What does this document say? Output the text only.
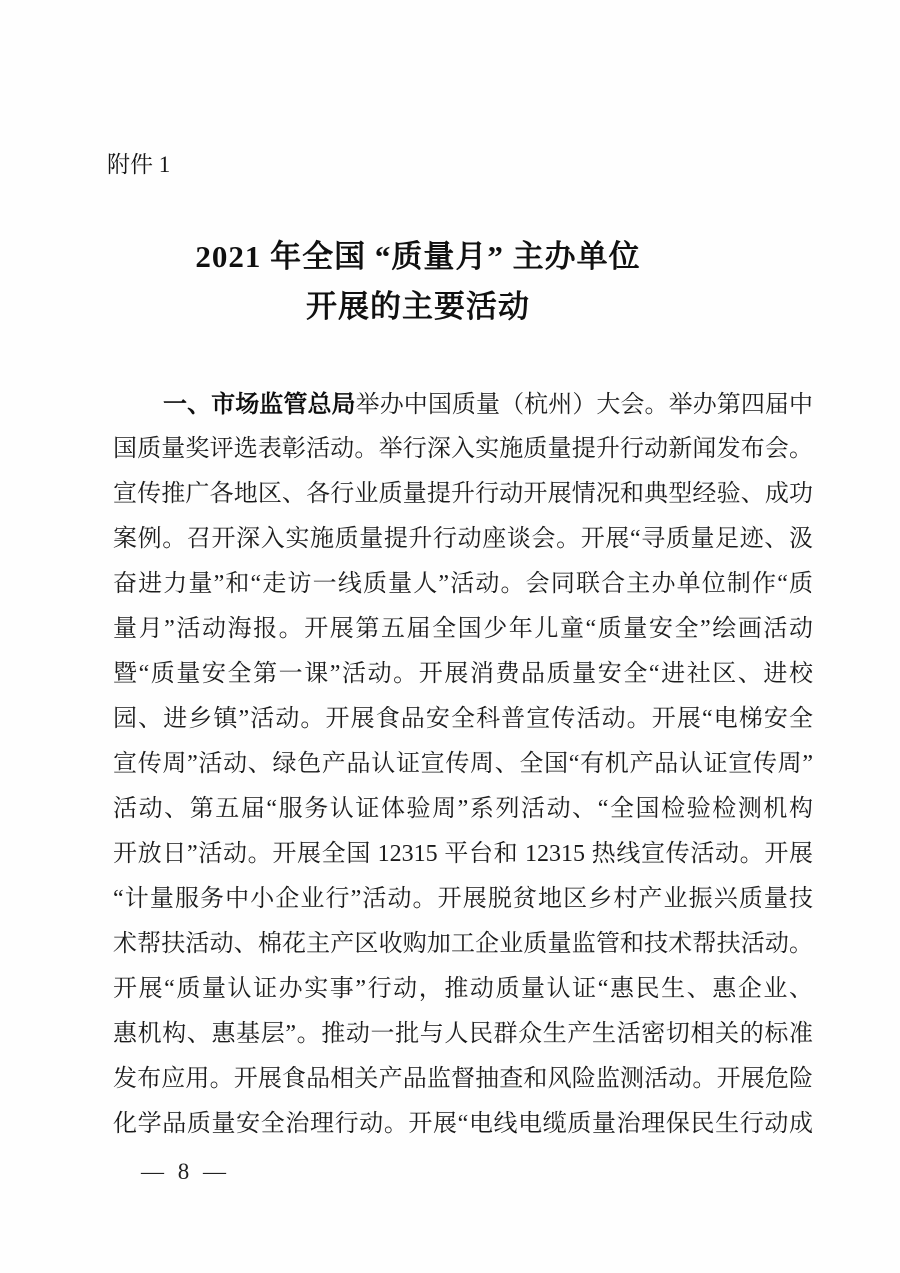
附件 1
2021 年全国 “质量月” 主办单位
开展的主要活动
一、市场监管总局举办中国质量（杭州）大会。举办第四届中
国质量奖评选表彰活动。举行深入实施质量提升行动新闻发布会。
宣传推广各地区、各行业质量提升行动开展情况和典型经验、成功
案例。召开深入实施质量提升行动座谈会。开展“寻质量足迹、汲
奋进力量”和“走访一线质量人”活动。会同联合主办单位制作“质
量月”活动海报。开展第五届全国少年儿童“质量安全”绘画活动
暨“质量安全第一课”活动。开展消费品质量安全“进社区、进校
园、进乡镇”活动。开展食品安全科普宣传活动。开展“电梯安全
宣传周”活动、绿色产品认证宣传周、全国“有机产品认证宣传周”
活动、第五届“服务认证体验周”系列活动、“全国检验检测机构
开放日”活动。开展全国 12315 平台和 12315 热线宣传活动。开展
“计量服务中小企业行”活动。开展脱贫地区乡村产业振兴质量技
术帮扶活动、棉花主产区收购加工企业质量监管和技术帮扶活动。
开展“质量认证办实事”行动，推动质量认证“惠民生、惠企业、
惠机构、惠基层”。推动一批与人民群众生产生活密切相关的标准
发布应用。开展食品相关产品监督抽查和风险监测活动。开展危险
化学品质量安全治理行动。开展“电线电缆质量治理保民生行动成
— 8 —
